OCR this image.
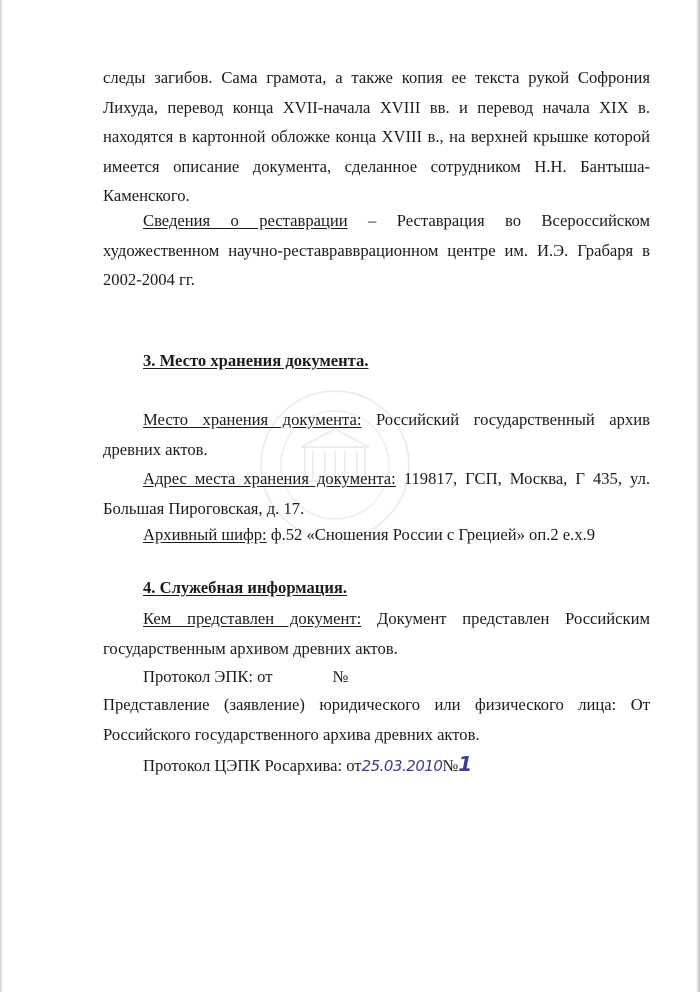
следы загибов. Сама грамота, а также копия ее текста рукой Софрония Лихуда, перевод конца XVII-начала XVIII вв. и перевод начала XIX в. находятся в картонной обложке конца XVIII в., на верхней крышке которой имеется описание документа, сделанное сотрудником Н.Н. Бантыша-Каменского.

Сведения о реставрации – Реставрация во Всероссийском художественном научно-реставравврационном центре им. И.Э. Грабаря в 2002-2004 гг.

3. Место хранения документа.

Место хранения документа: Российский государственный архив древних актов.

Адрес места хранения документа: 119817, ГСП, Москва, Г 435, ул. Большая Пироговская, д. 17.

Архивный шифр: ф.52 «Сношения России с Грецией» оп.2 е.х.9

4. Служебная информация.

Кем представлен документ: Документ представлен Российским государственным архивом древних актов.

Протокол ЭПК: от	№

Представление (заявление) юридического или физического лица: От Российского государственного архива древних актов.

Протокол ЦЭПК Росархива: от25.03.2010№1
